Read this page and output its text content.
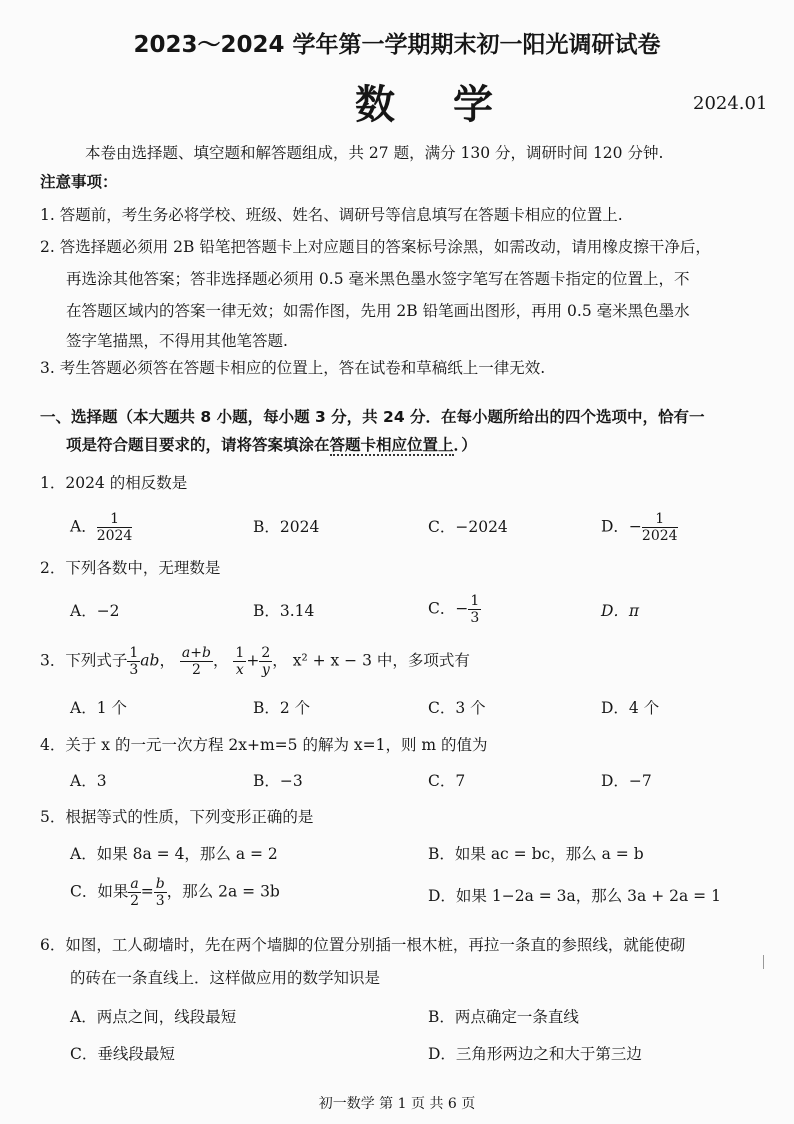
2023～2024 学年第一学期期末初一阳光调研试卷
数学	2024.01
本卷由选择题、填空题和解答题组成，共 27 题，满分 130 分，调研时间 120 分钟.
注意事项：
1. 答题前，考生务必将学校、班级、姓名、调研号等信息填写在答题卡相应的位置上.
2. 答选择题必须用 2B 铅笔把答题卡上对应题目的答案标号涂黑，如需改动，请用橡皮擦干净后，
再选涂其他答案；答非选择题必须用 0.5 毫米黑色墨水签字笔写在答题卡指定的位置上，不
在答题区域内的答案一律无效；如需作图，先用 2B 铅笔画出图形，再用 0.5 毫米黑色墨水
签字笔描黑，不得用其他笔答题.
3. 考生答题必须答在答题卡相应的位置上，答在试卷和草稿纸上一律无效.
一、选择题（本大题共 8 小题，每小题 3 分，共 24 分．在每小题所给出的四个选项中，恰有一
项是符合题目要求的，请将答案填涂在答题卡相应位置上．）
1．2024 的相反数是
A． $\frac{1}{2024}$	B．2024	C．−2024	D．− $\frac{1}{2024}$
2．下列各数中，无理数是
A．−2	B．3.14	C．− $\frac{1}{3}$	D．π
3．下列式子 $\frac{1}{3}$ ab， $\frac{a+b}{2}$ ， $\frac{1}{x} + \frac{2}{y}$ ， x² + x − 3 中，多项式有
A．1 个	B．2 个	C．3 个	D．4 个
4．关于 x 的一元一次方程 2x+m=5 的解为 x=1，则 m 的值为
A．3	B．−3	C．7	D．−7
5．根据等式的性质，下列变形正确的是
A．如果 8a = 4，那么 a = 2	B．如果 ac = bc，那么 a = b
C．如果 $\frac{a}{2} = \frac{b}{3}$ ，那么 2a = 3b	D．如果 1−2a = 3a，那么 3a + 2a = 1
6．如图，工人砌墙时，先在两个墙脚的位置分别插一根木桩，再拉一条直的参照线，就能使砌
的砖在一条直线上．这样做应用的数学知识是
A．两点之间，线段最短	B．两点确定一条直线
C．垂线段最短	D．三角形两边之和大于第三边
初一数学 第 1 页 共 6 页
